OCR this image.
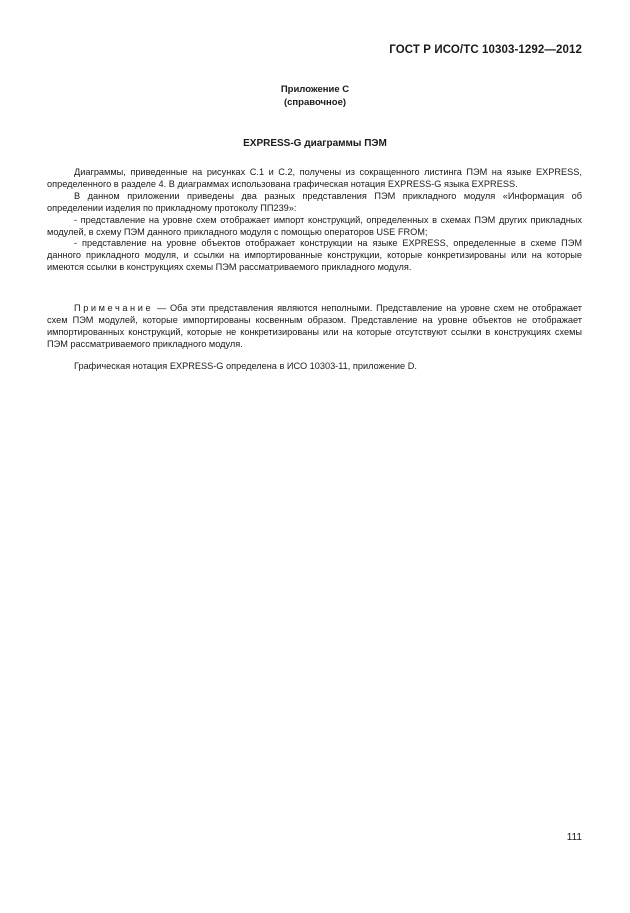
ГОСТ Р ИСО/ТС 10303-1292—2012
Приложение С
(справочное)
EXPRESS-G диаграммы ПЭМ

Диаграммы, приведенные на рисунках С.1 и С.2, получены из сокращенного листинга ПЭМ на языке EXPRESS, определенного в разделе 4. В диаграммах использована графическая нотация EXPRESS-G языка EXPRESS.

В данном приложении приведены два разных представления ПЭМ прикладного модуля «Информация об определении изделия по прикладному протоколу ПП239»:

- представление на уровне схем отображает импорт конструкций, определенных в схемах ПЭМ других прикладных модулей, в схему ПЭМ данного прикладного модуля с помощью операторов USE FROM;

- представление на уровне объектов отображает конструкции на языке EXPRESS, определенные в схеме ПЭМ данного прикладного модуля, и ссылки на импортированные конструкции, которые конкретизированы или на которые имеются ссылки в конструкциях схемы ПЭМ рассматриваемого прикладного модуля.

Примечание — Оба эти представления являются неполными. Представление на уровне схем не отображает схем ПЭМ модулей, которые импортированы косвенным образом. Представление на уровне объектов не отображает импортированных конструкций, которые не конкретизированы или на которые отсутствуют ссылки в конструкциях схемы ПЭМ рассматриваемого прикладного модуля.

Графическая нотация EXPRESS-G определена в ИСО 10303-11, приложение D.

111
